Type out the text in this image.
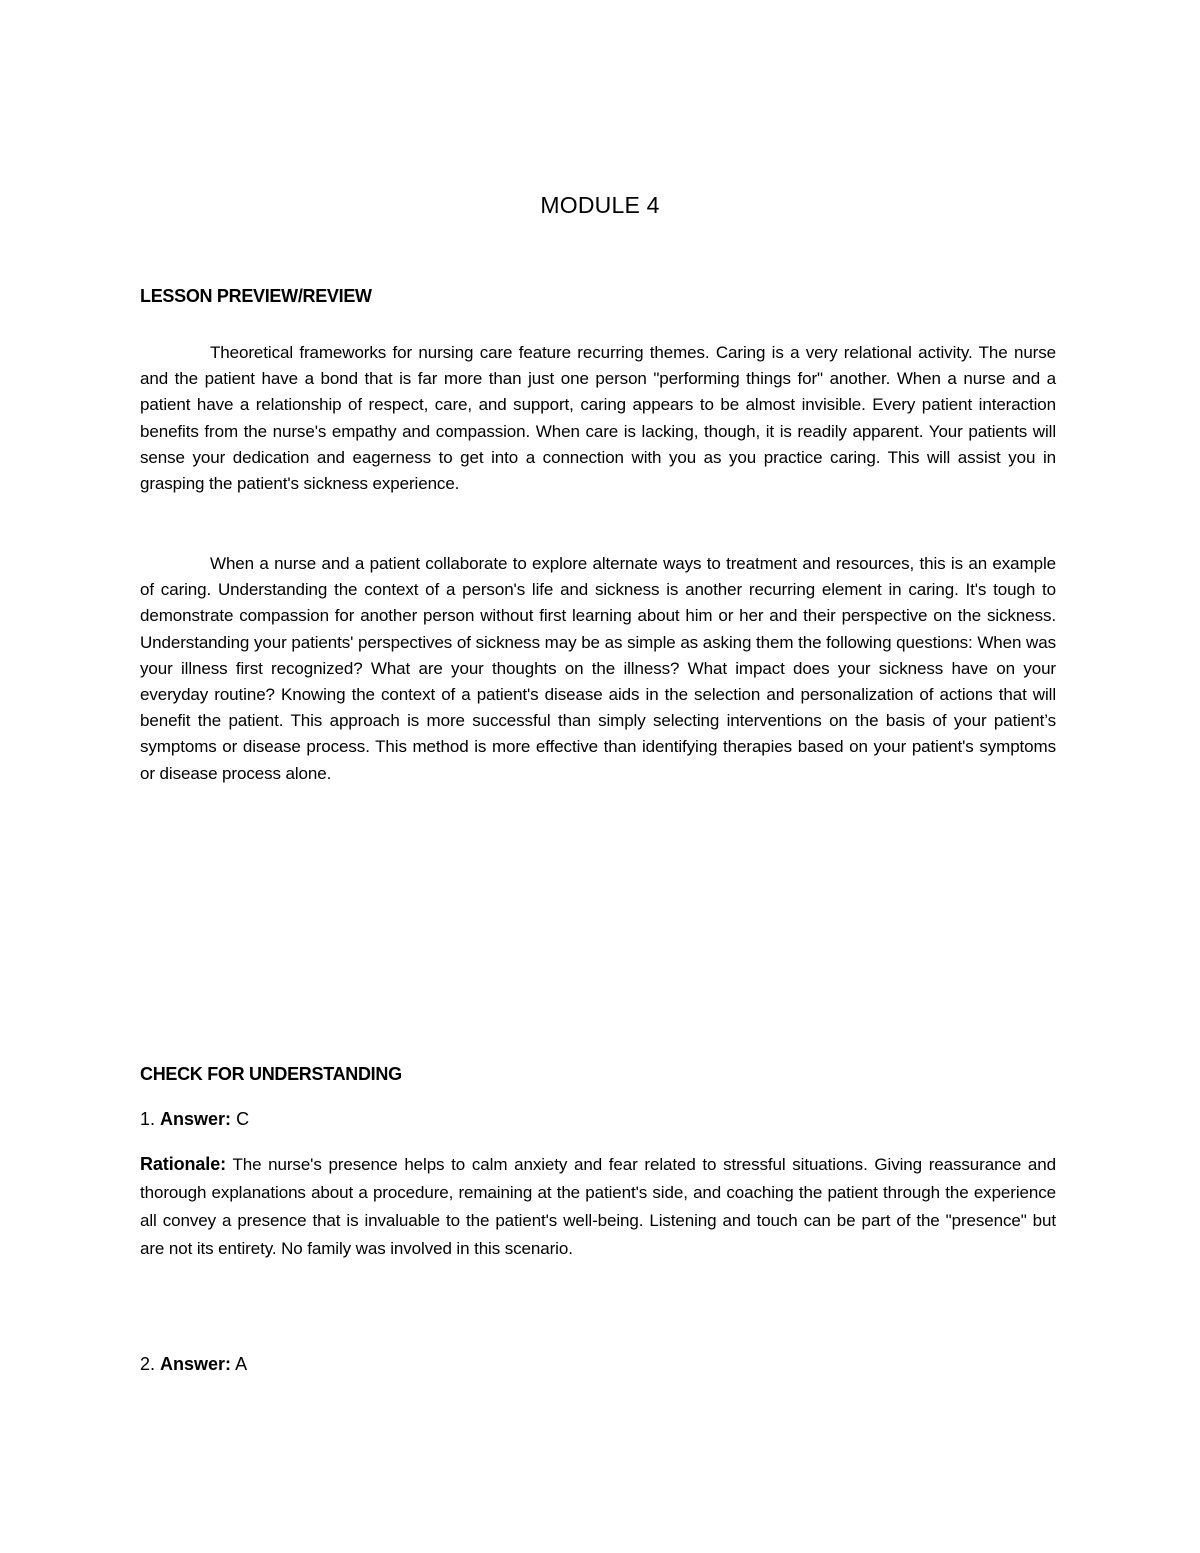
MODULE 4
LESSON PREVIEW/REVIEW

Theoretical frameworks for nursing care feature recurring themes. Caring is a very relational activity. The nurse and the patient have a bond that is far more than just one person "performing things for" another. When a nurse and a patient have a relationship of respect, care, and support, caring appears to be almost invisible. Every patient interaction benefits from the nurse's empathy and compassion. When care is lacking, though, it is readily apparent. Your patients will sense your dedication and eagerness to get into a connection with you as you practice caring. This will assist you in grasping the patient's sickness experience.

When a nurse and a patient collaborate to explore alternate ways to treatment and resources, this is an example of caring. Understanding the context of a person's life and sickness is another recurring element in caring. It's tough to demonstrate compassion for another person without first learning about him or her and their perspective on the sickness. Understanding your patients' perspectives of sickness may be as simple as asking them the following questions: When was your illness first recognized? What are your thoughts on the illness? What impact does your sickness have on your everyday routine? Knowing the context of a patient's disease aids in the selection and personalization of actions that will benefit the patient. This approach is more successful than simply selecting interventions on the basis of your patient’s symptoms or disease process. This method is more effective than identifying therapies based on your patient's symptoms or disease process alone.

CHECK FOR UNDERSTANDING

1. Answer: C

Rationale: The nurse's presence helps to calm anxiety and fear related to stressful situations. Giving reassurance and thorough explanations about a procedure, remaining at the patient's side, and coaching the patient through the experience all convey a presence that is invaluable to the patient's well-being. Listening and touch can be part of the "presence" but are not its entirety. No family was involved in this scenario.

2. Answer: A
